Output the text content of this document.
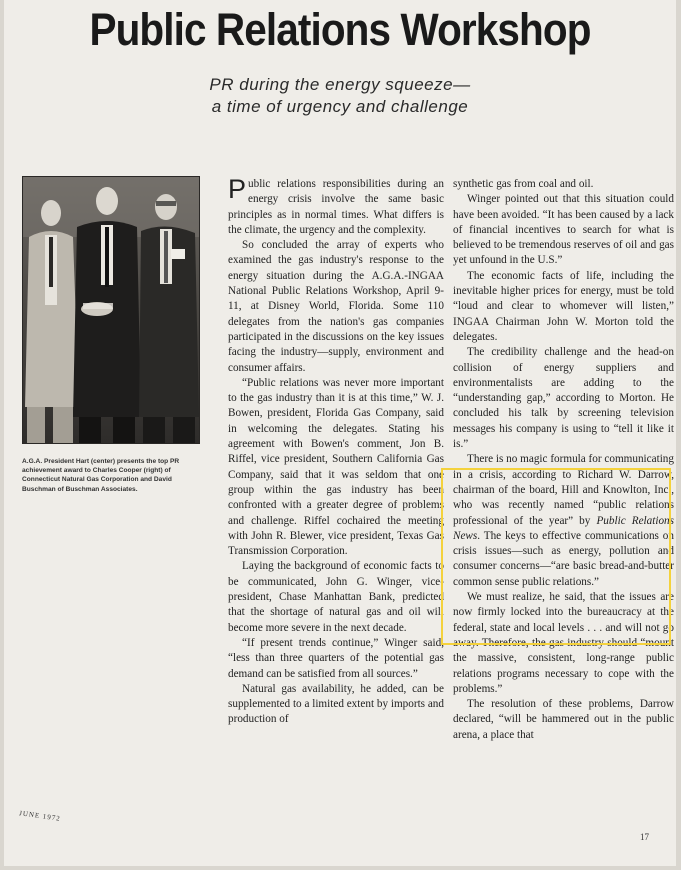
Public Relations Workshop
PR during the energy squeeze—
a time of urgency and challenge
A.G.A. President Hart (center) presents the top PR achievement award to Charles Cooper (right) of Connecticut Natural Gas Corporation and David Buschman of Buschman Associates.

Public relations responsibilities during an energy crisis involve the same basic principles as in normal times. What differs is the climate, the urgency and the complexity.

So concluded the array of experts who examined the gas industry's response to the energy situation during the A.G.A.-INGAA National Public Relations Workshop, April 9-11, at Disney World, Florida. Some 110 delegates from the nation's gas companies participated in the discussions on the key issues facing the industry—supply, environment and consumer affairs.

“Public relations was never more important to the gas industry than it is at this time,” W. J. Bowen, president, Florida Gas Company, said in welcoming the delegates. Stating his agreement with Bowen's comment, Jon B. Riffel, vice president, Southern California Gas Company, said that it was seldom that one group within the gas industry has been confronted with a greater degree of problems and challenge. Riffel cochaired the meeting with John R. Blewer, vice president, Texas Gas Transmission Corporation.

Laying the background of economic facts to be communicated, John G. Winger, vice-president, Chase Manhattan Bank, predicted that the shortage of natural gas and oil will become more severe in the next decade.

“If present trends continue,” Winger said, “less than three quarters of the potential gas demand can be satisfied from all sources.”

Natural gas availability, he added, can be supplemented to a limited extent by imports and production of

synthetic gas from coal and oil.

Winger pointed out that this situation could have been avoided. “It has been caused by a lack of financial incentives to search for what is believed to be tremendous reserves of oil and gas yet unfound in the U.S.”

The economic facts of life, including the inevitable higher prices for energy, must be told “loud and clear to whomever will listen,” INGAA Chairman John W. Morton told the delegates.

The credibility challenge and the head-on collision of energy suppliers and environmentalists are adding to the “understanding gap,” according to Morton. He concluded his talk by screening television messages his company is using to “tell it like it is.”

There is no magic formula for communicating in a crisis, according to Richard W. Darrow, chairman of the board, Hill and Knowlton, Inc., who was recently named “public relations professional of the year” by Public Relations News. The keys to effective communications on crisis issues—such as energy, pollution and consumer concerns—“are basic bread-and-butter common sense public relations.”

We must realize, he said, that the issues are now firmly locked into the bureaucracy at the federal, state and local levels . . . and will not go away. Therefore, the gas industry should “mount the massive, consistent, long-range public relations programs necessary to cope with the problems.”

The resolution of these problems, Darrow declared, “will be hammered out in the public arena, a place that

JUNE 1972
17
